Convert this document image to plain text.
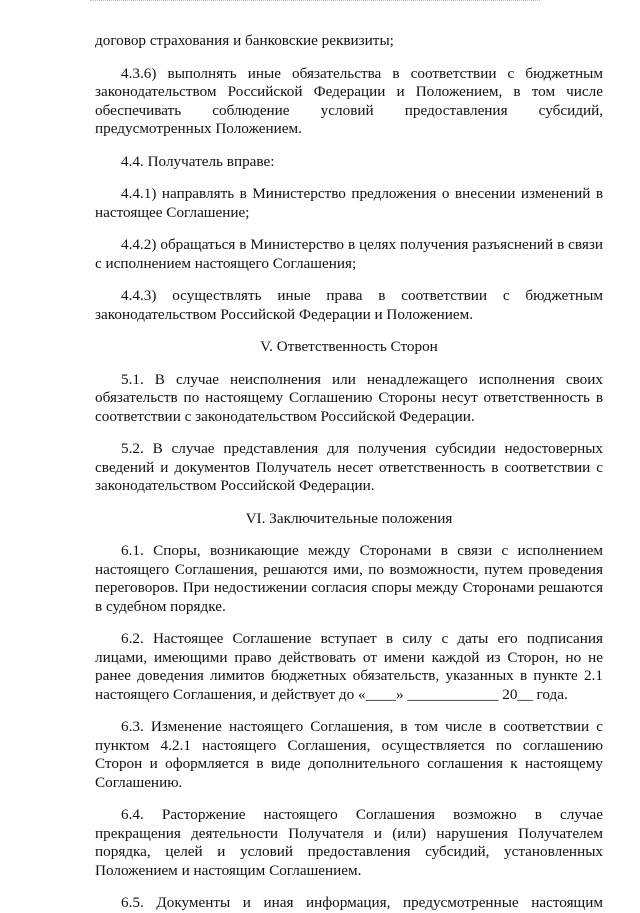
договор страхования и банковские реквизиты;

4.3.6) выполнять иные обязательства в соответствии с бюджетным законодательством Российской Федерации и Положением, в том числе обеспечивать соблюдение условий предоставления субсидий, предусмотренных Положением.

4.4. Получатель вправе:

4.4.1) направлять в Министерство предложения о внесении изменений в настоящее Соглашение;

4.4.2) обращаться в Министерство в целях получения разъяснений в связи с исполнением настоящего Соглашения;

4.4.3) осуществлять иные права в соответствии с бюджетным законодательством Российской Федерации и Положением.

V. Ответственность Сторон

5.1. В случае неисполнения или ненадлежащего исполнения своих обязательств по настоящему Соглашению Стороны несут ответственность в соответствии с законодательством Российской Федерации.

5.2. В случае представления для получения субсидии недостоверных сведений и документов Получатель несет ответственность в соответствии с законодательством Российской Федерации.

VI. Заключительные положения

6.1. Споры, возникающие между Сторонами в связи с исполнением настоящего Соглашения, решаются ими, по возможности, путем проведения переговоров. При недостижении согласия споры между Сторонами решаются в судебном порядке.

6.2. Настоящее Соглашение вступает в силу с даты его подписания лицами, имеющими право действовать от имени каждой из Сторон, но не ранее доведения лимитов бюджетных обязательств, указанных в пункте 2.1 настоящего Соглашения, и действует до «____» ____________ 20__ года.

6.3. Изменение настоящего Соглашения, в том числе в соответствии с пунктом 4.2.1 настоящего Соглашения, осуществляется по соглашению Сторон и оформляется в виде дополнительного соглашения к настоящему Соглашению.

6.4. Расторжение настоящего Соглашения возможно в случае прекращения деятельности Получателя и (или) нарушения Получателем порядка, целей и условий предоставления субсидий, установленных Положением и настоящим Соглашением.

6.5. Документы и иная информация, предусмотренные настоящим
